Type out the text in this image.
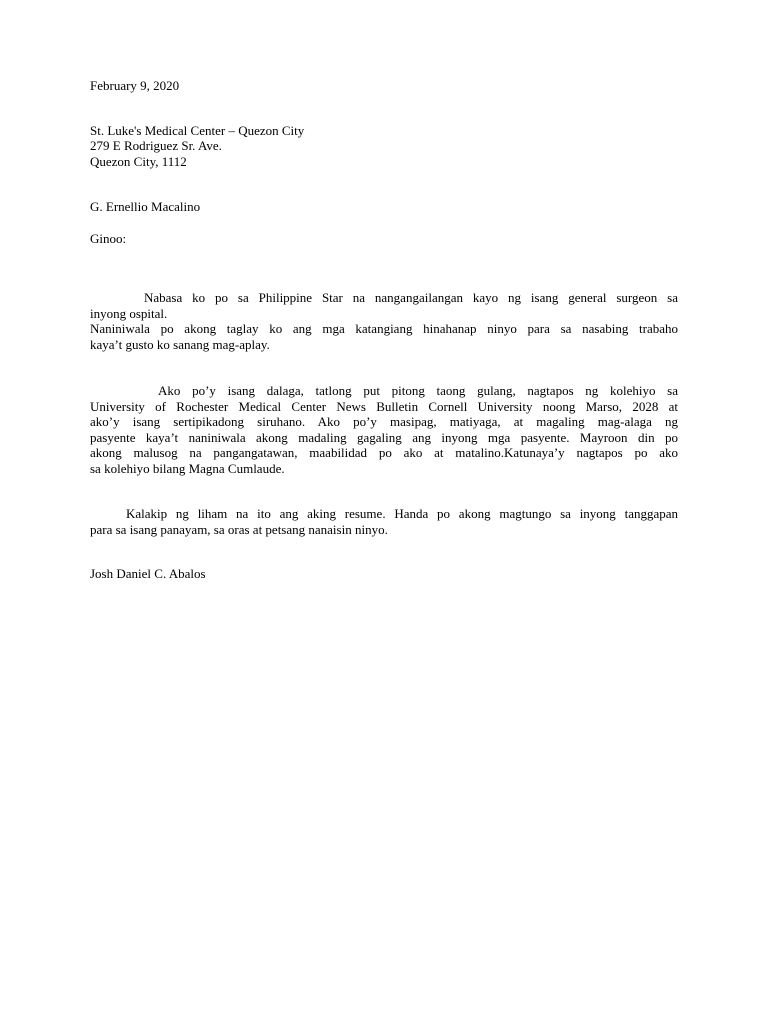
February 9, 2020
St. Luke's Medical Center – Quezon City
279 E Rodriguez Sr. Ave.
Quezon City, 1112
G. Ernellio Macalino
Ginoo:
Nabasa ko po sa Philippine Star na nangangailangan kayo ng isang general surgeon sa
inyong ospital.
Naniniwala po akong taglay ko ang mga katangiang hinahanap ninyo para sa nasabing trabaho
kaya’t gusto ko sanang mag-aplay.
Ako po’y isang dalaga, tatlong put pitong taong gulang, nagtapos ng kolehiyo sa
University of Rochester Medical Center News Bulletin Cornell University noong Marso, 2028 at
ako’y isang sertipikadong siruhano. Ako po’y masipag, matiyaga, at magaling mag-alaga ng
pasyente kaya’t naniniwala akong madaling gagaling ang inyong mga pasyente. Mayroon din po
akong malusog na pangangatawan, maabilidad po ako at matalino.Katunaya’y nagtapos po ako
sa kolehiyo bilang Magna Cumlaude.
Kalakip ng liham na ito ang aking resume. Handa po akong magtungo sa inyong tanggapan
para sa isang panayam, sa oras at petsang nanaisin ninyo.
Josh Daniel C. Abalos
